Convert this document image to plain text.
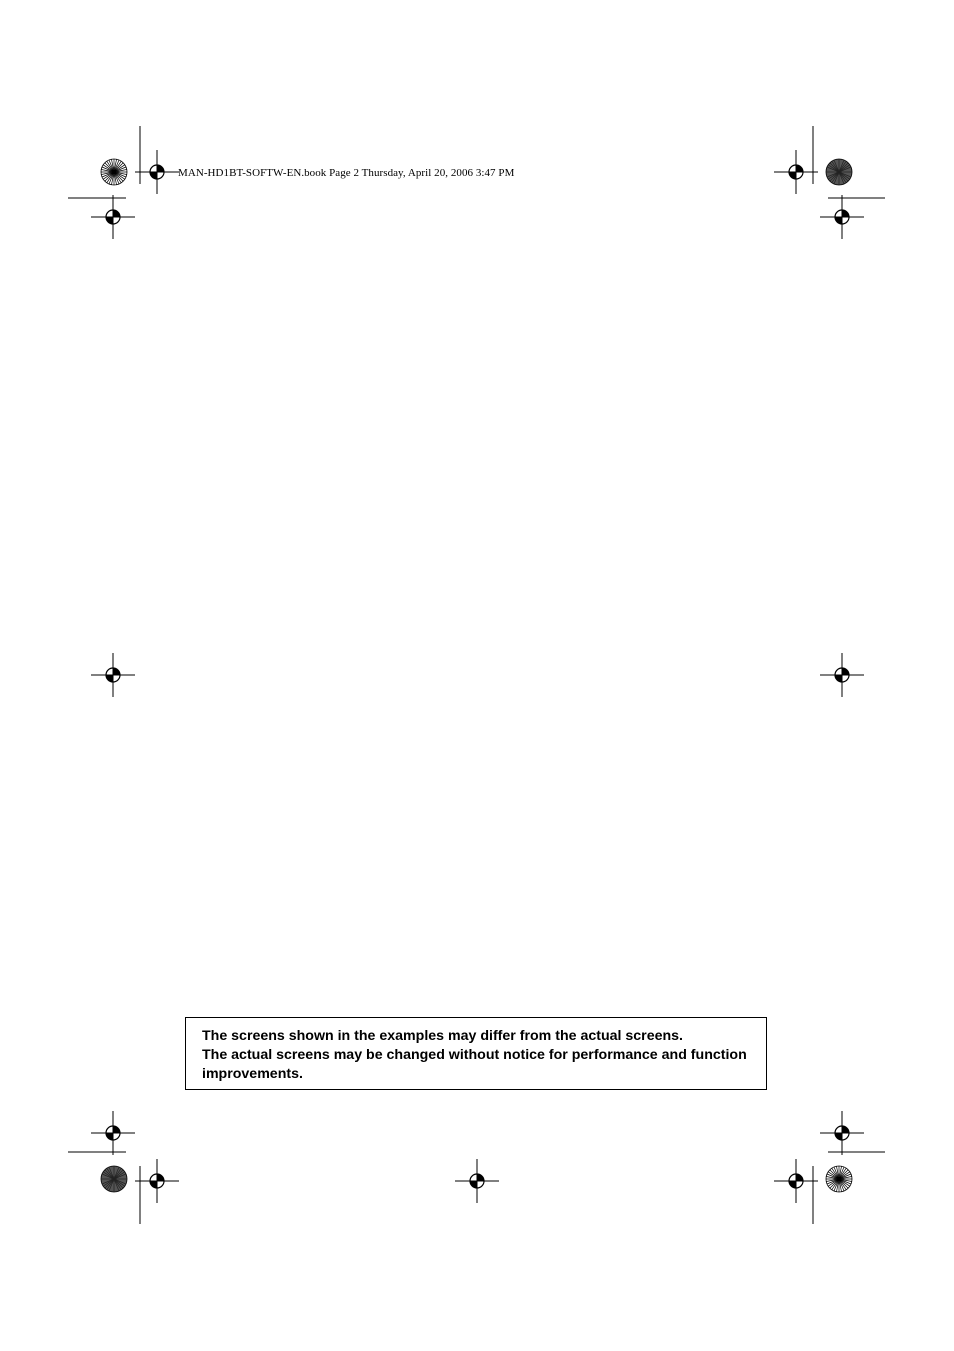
MAN-HD1BT-SOFTW-EN.book Page 2 Thursday, April 20, 2006 3:47 PM

The screens shown in the examples may differ from the actual screens.

The actual screens may be changed without notice for performance and function

improvements.
